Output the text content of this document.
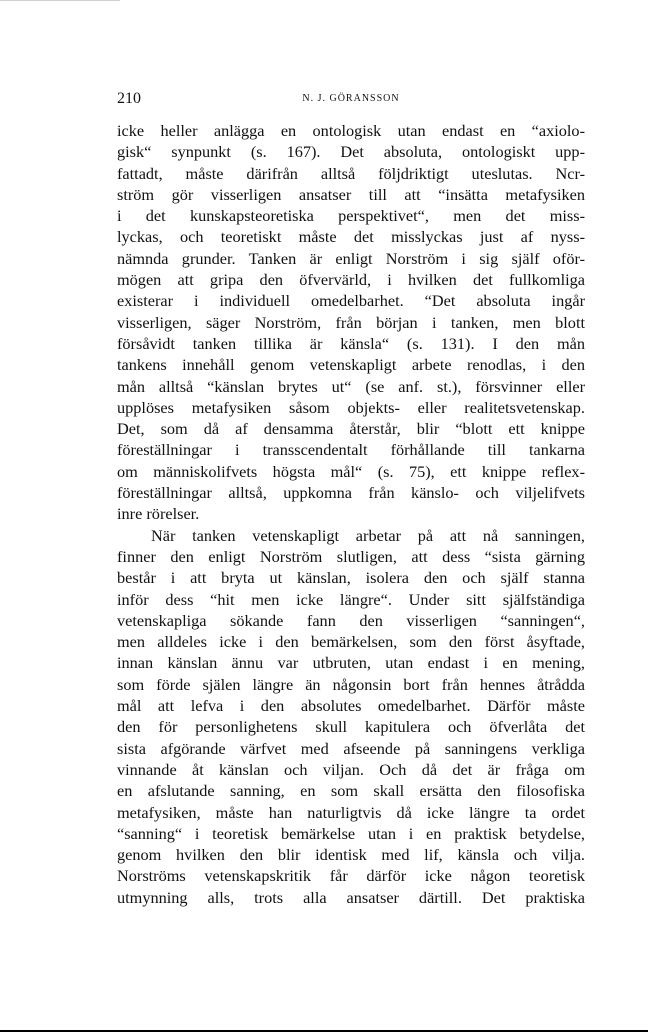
210	N. J. GÖRANSSON
icke heller anlägga en ontologisk utan endast en “axiolo-
gisk“ synpunkt (s. 167). Det absoluta, ontologiskt upp-
fattadt, måste därifrån alltså följdriktigt uteslutas. Ncr-
ström gör visserligen ansatser till att “insätta metafysiken
i det kunskapsteoretiska perspektivet“, men det miss-
lyckas, och teoretiskt måste det misslyckas just af nyss-
nämnda grunder. Tanken är enligt Norström i sig själf oför-
mögen att gripa den öfvervärld, i hvilken det fullkomliga
existerar i individuell omedelbarhet. “Det absoluta ingår
visserligen, säger Norström, från början i tanken, men blott
försåvidt tanken tillika är känsla“ (s. 131). I den mån
tankens innehåll genom vetenskapligt arbete renodlas, i den
mån alltså “känslan brytes ut“ (se anf. st.), försvinner eller
upplöses metafysiken såsom objekts- eller realitetsvetenskap.
Det, som då af densamma återstår, blir “blott ett knippe
föreställningar i transscendentalt förhållande till tankarna
om människolifvets högsta mål“ (s. 75), ett knippe reflex-
föreställningar alltså, uppkomna från känslo- och viljelifvets
inre rörelser.
När tanken vetenskapligt arbetar på att nå sanningen,
finner den enligt Norström slutligen, att dess “sista gärning
består i att bryta ut känslan, isolera den och själf stanna
inför dess “hit men icke längre“. Under sitt själfständiga
vetenskapliga sökande fann den visserligen “sanningen“,
men alldeles icke i den bemärkelsen, som den först åsyftade,
innan känslan ännu var utbruten, utan endast i en mening,
som förde själen längre än någonsin bort från hennes åtrådda
mål att lefva i den absolutes omedelbarhet. Därför måste
den för personlighetens skull kapitulera och öfverlåta det
sista afgörande värfvet med afseende på sanningens verkliga
vinnande åt känslan och viljan. Och då det är fråga om
en afslutande sanning, en som skall ersätta den filosofiska
metafysiken, måste han naturligtvis då icke längre ta ordet
“sanning“ i teoretisk bemärkelse utan i en praktisk betydelse,
genom hvilken den blir identisk med lif, känsla och vilja.
Norströms vetenskapskritik får därför icke någon teoretisk
utmynning alls, trots alla ansatser därtill. Det praktiska
